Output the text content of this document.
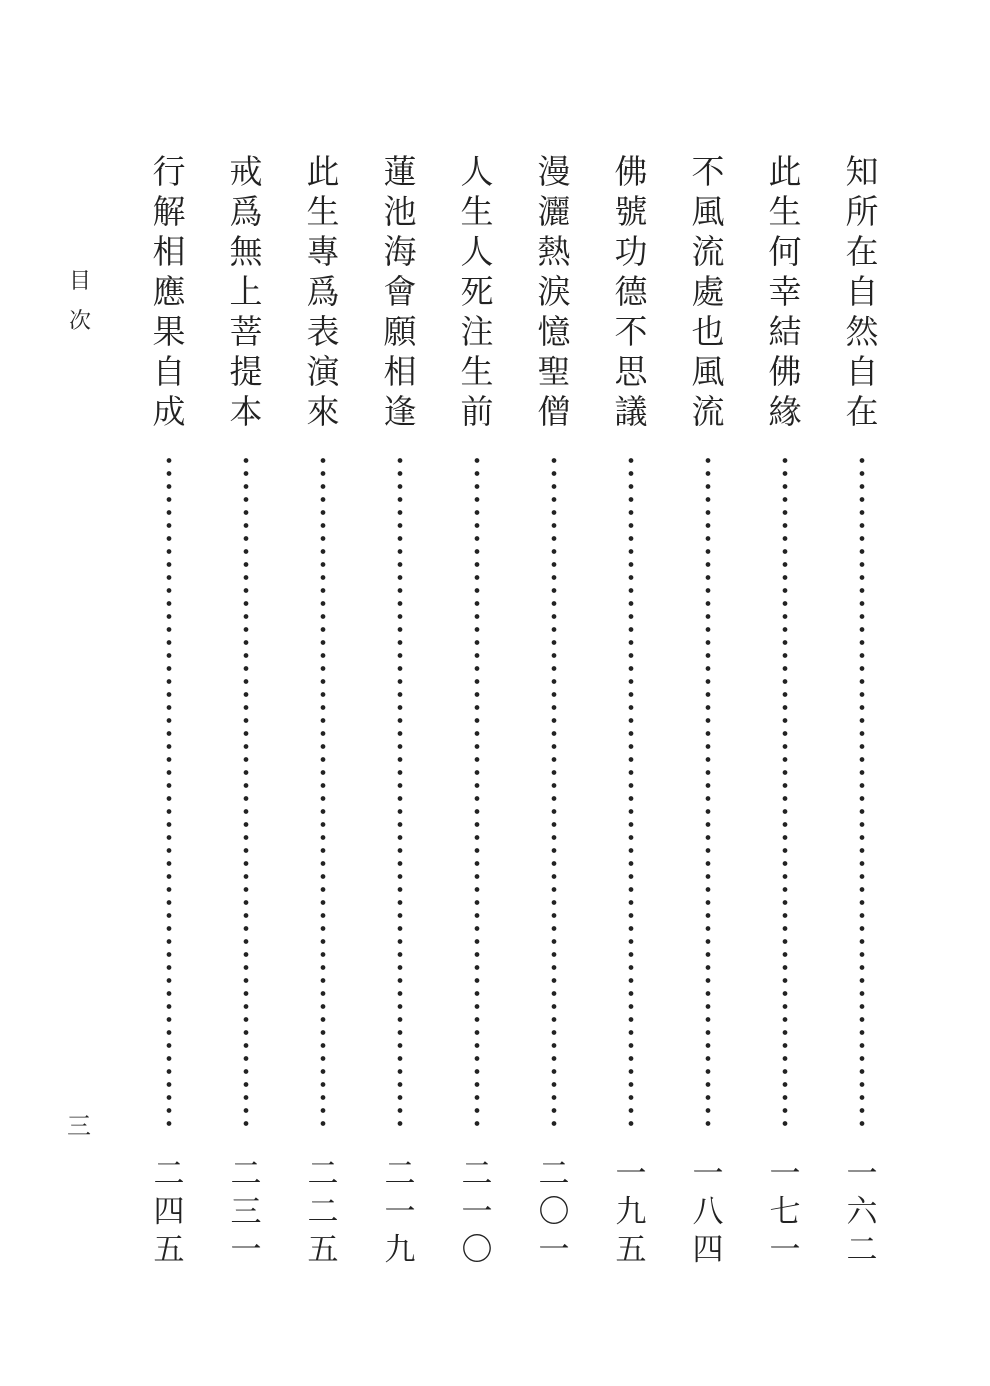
目
次
三
知
所
在
自
然
自
在
一
六
二
此
生
何
幸
結
佛
緣
一
七
一
不
風
流
處
也
風
流
一
八
四
佛
號
功
德
不
思
議
一
九
五
漫
灑
熱
淚
憶
聖
僧
二
〇
一
人
生
人
死
注
生
前
二
一
〇
蓮
池
海
會
願
相
逢
二
一
九
此
生
專
爲
表
演
來
二
二
五
戒
爲
無
上
菩
提
本
二
三
一
行
解
相
應
果
自
成
二
四
五
